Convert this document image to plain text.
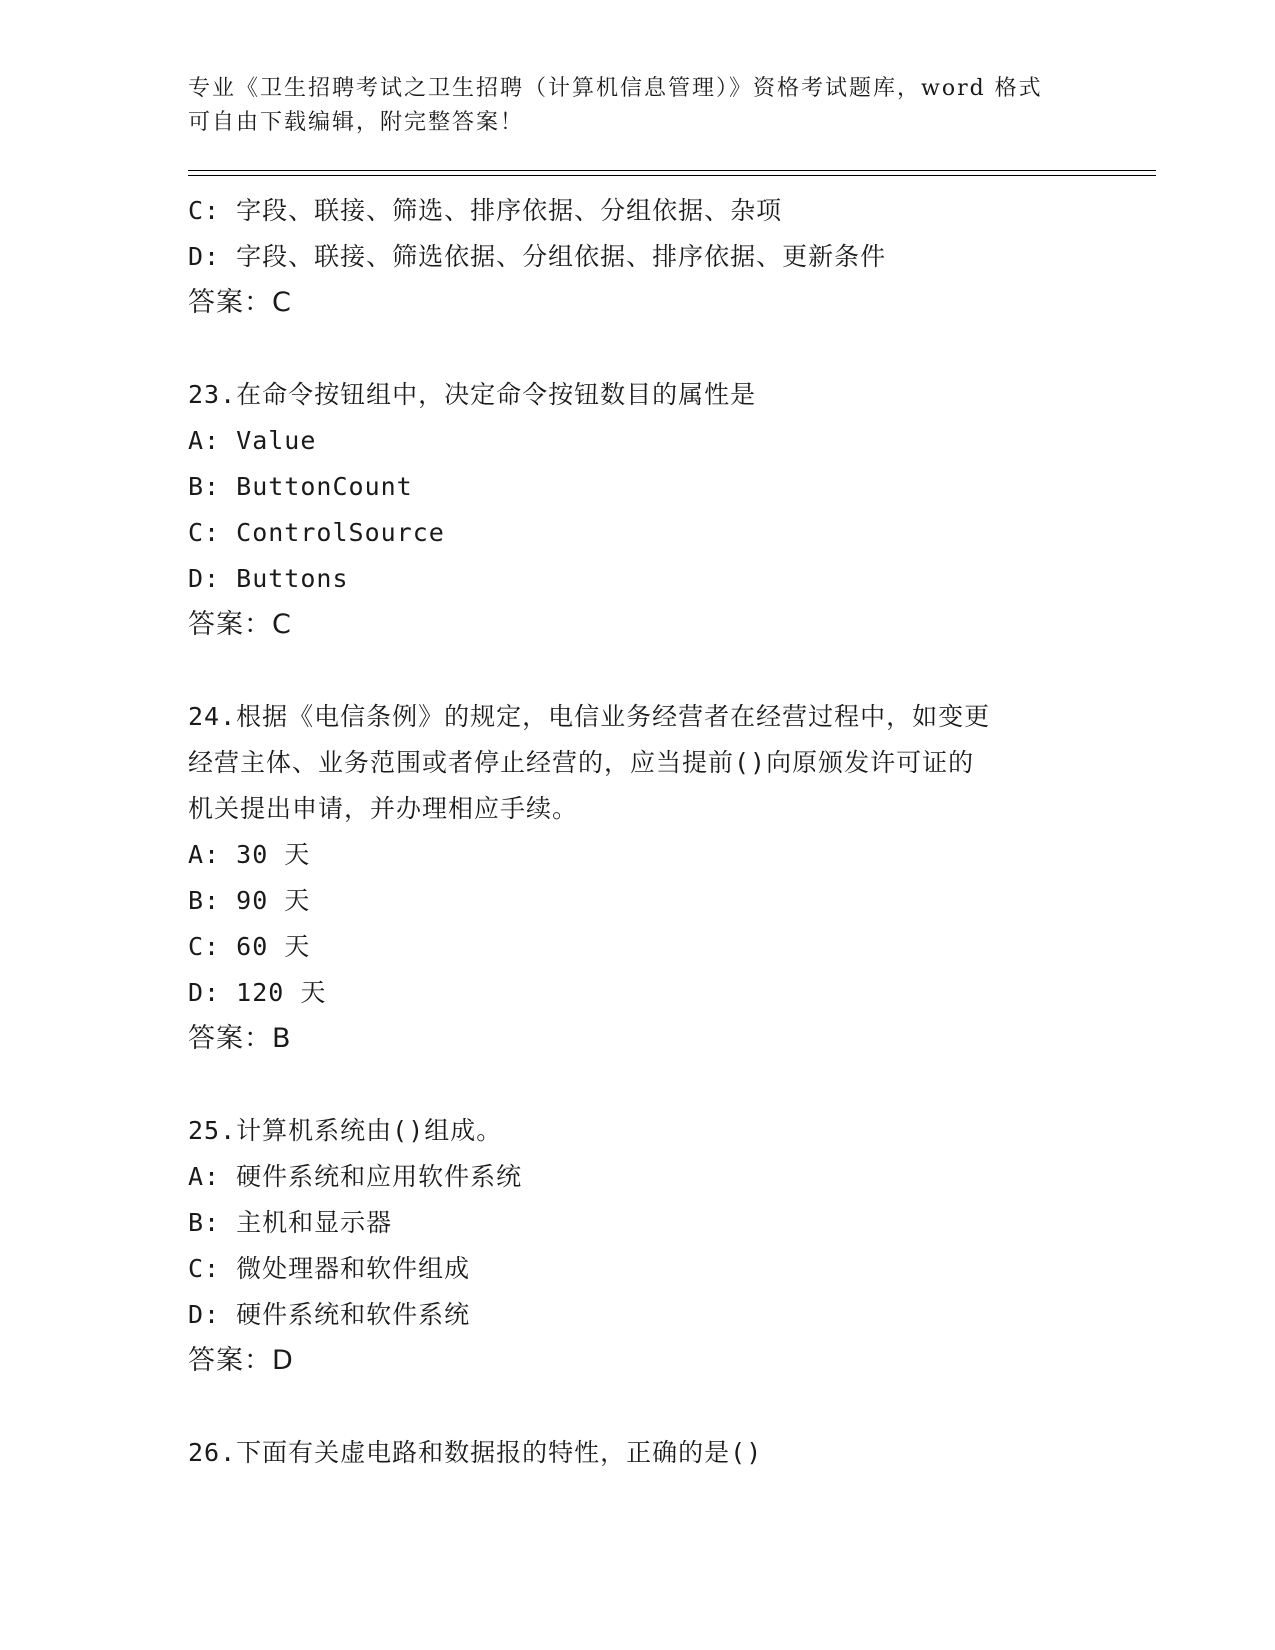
专业《卫生招聘考试之卫生招聘（计算机信息管理）》资格考试题库，word 格式
可自由下载编辑，附完整答案！
C: 字段、联接、筛选、排序依据、分组依据、杂项
D: 字段、联接、筛选依据、分组依据、排序依据、更新条件
答案：C
23.在命令按钮组中，决定命令按钮数目的属性是
A: Value
B: ButtonCount
C: ControlSource
D: Buttons
答案：C
24.根据《电信条例》的规定，电信业务经营者在经营过程中，如变更
经营主体、业务范围或者停止经营的，应当提前()向原颁发许可证的
机关提出申请，并办理相应手续。
A: 30 天
B: 90 天
C: 60 天
D: 120 天
答案：B
25.计算机系统由()组成。
A: 硬件系统和应用软件系统
B: 主机和显示器
C: 微处理器和软件组成
D: 硬件系统和软件系统
答案：D
26.下面有关虚电路和数据报的特性，正确的是()
